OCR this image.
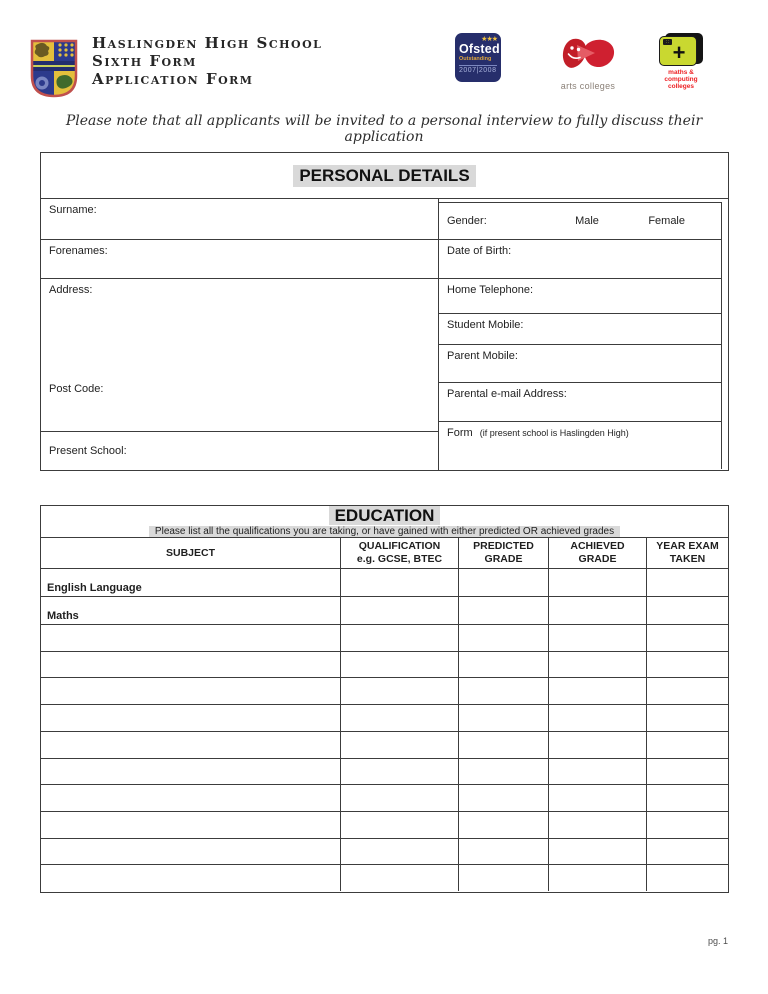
Haslingden High School
Sixth Form
Application Form
★★★
Ofsted
Outstanding
2007|2008
arts colleges
∷ +
maths &
computing
colleges
Please note that all applicants will be invited to a personal interview to fully discuss their application
PERSONAL DETAILS
Surname:
Forenames:
Address:
Post Code:
Present School:
Gender:	Male	Female
Date of Birth:
Home Telephone:
Student Mobile:
Parent Mobile:
Parental e-mail Address:
Form (if present school is Haslingden High)
EDUCATION
Please list all the qualifications you are taking, or have gained with either predicted OR achieved grades
SUBJECT
QUALIFICATION
e.g. GCSE, BTEC
PREDICTED
GRADE
ACHIEVED
GRADE
YEAR EXAM
TAKEN
English Language
Maths
pg. 1
